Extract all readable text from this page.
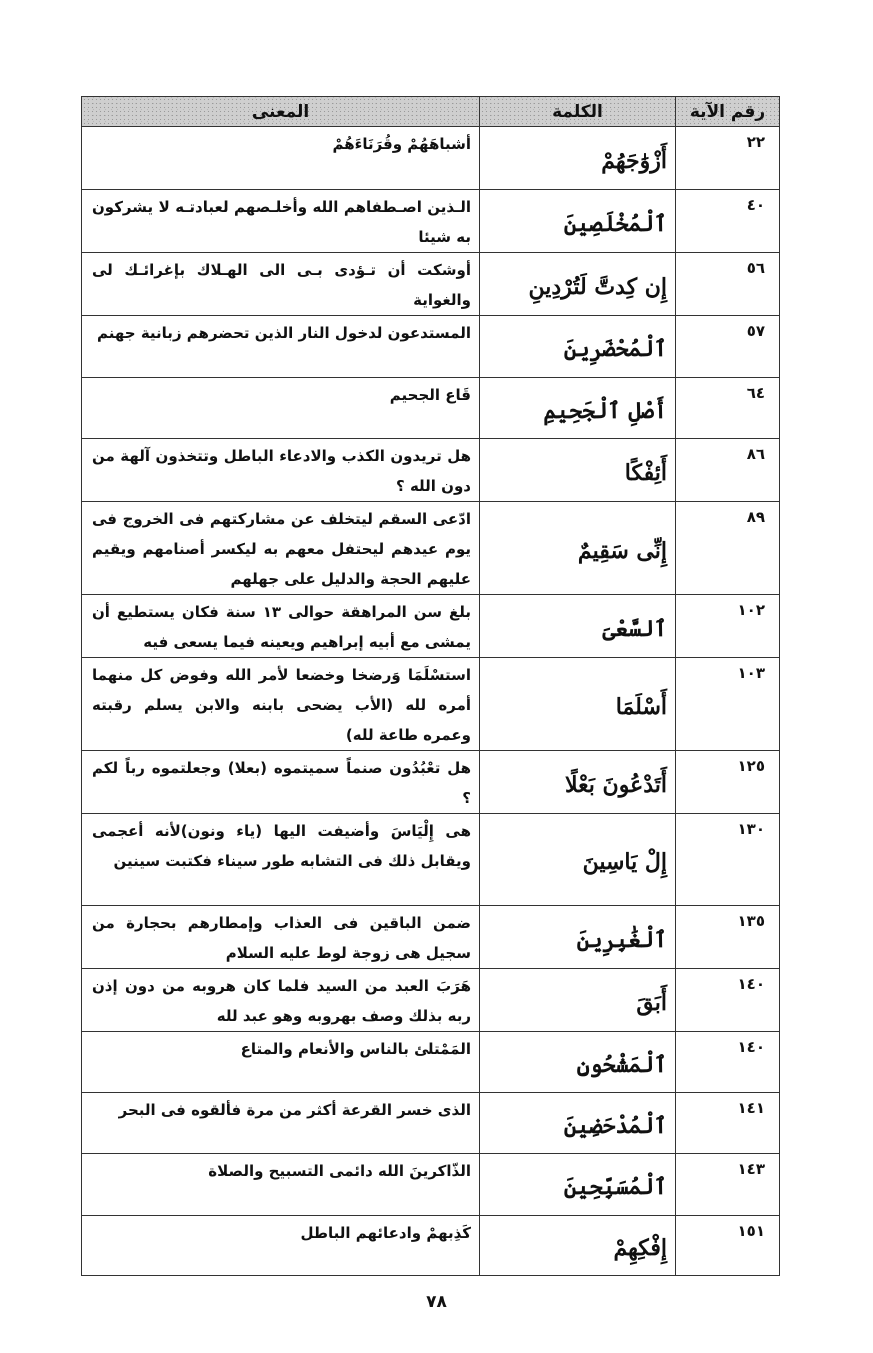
رقم الآية	الكلمة	المعنى
٢٢	أَزْوَٰجَهُمْ	أشباهَهُمْ وقُرَنَاءَهُمْ
٤٠	ٱلْمُخْلَصِينَ	الـذين اصـطفاهم الله وأخلـصهم لعبادتـه لا يشركون به شيئا
٥٦	إِن كِدتَّ لَتُرْدِينِ	أوشكت أن تـؤدى بـى الى الهـلاك بإغرائـك لى والغواية
٥٧	ٱلْمُحْضَرِينَ	المستدعون لدخول النار الذين تحضرهم زبانية جهنم
٦٤	أَصْلِ ٱلْجَحِيمِ	قَاع الجحيم
٨٦	أَئِفْكًا	هل تريدون الكذب والادعاء الباطل وتتخذون آلهة من دون الله ؟
٨٩	إِنِّى سَقِيمٌ	ادّعى السقم ليتخلف عن مشاركتهم فى الخروج فى يوم عيدهم ليحتفل معهم به ليكسر أصنامهم ويقيم عليهم الحجة والدليل على جهلهم
١٠٢	ٱلسَّعْىَ	بلغ سن المراهقة حوالى ١٣ سنة فكان يستطيع أن يمشى مع أبيه إبراهيم ويعينه فيما يسعى فيه
١٠٣	أَسْلَمَا	استسْلَمَا وَرضخا وخضعا لأمر الله وفوض كل منهما أمره لله (الأب يضحى بابنه والابن يسلم رقبته وعمره طاعة لله)
١٢٥	أَتَدْعُونَ بَعْلًا	هل تعْبُدُون صنماً سميتموه (بعلا) وجعلتموه رباً لكم ؟
١٣٠	إِلْ يَاسِينَ	هى إِلْيَاسَ وأضيفت اليها (ياء ونون)لأنه أعجمى ويقابل ذلك فى التشابه طور سيناء فكتبت سينين
١٣٥	ٱلْغَٰبِرِينَ	ضمن الباقين فى العذاب وإمطارهم بحجارة من سجيل هى زوجة لوط عليه السلام
١٤٠	أَبَقَ	هَرَبَ العبد من السيد فلما كان هروبه من دون إذن ربه بذلك وصف بهروبه وهو عبد لله
١٤٠	ٱلْمَشْحُونِ	المَمْتلئ بالناس والأنعام والمتاع
١٤١	ٱلْمُدْحَضِينَ	الذى خسر القرعة أكثر من مرة فألقوه فى البحر
١٤٣	ٱلْمُسَبِّحِينَ	الذّاكرينَ الله دائمى التسبيح والصلاة
١٥١	إِفْكِهِمْ	كَذِبهمْ وادعائهم الباطل
٧٨
